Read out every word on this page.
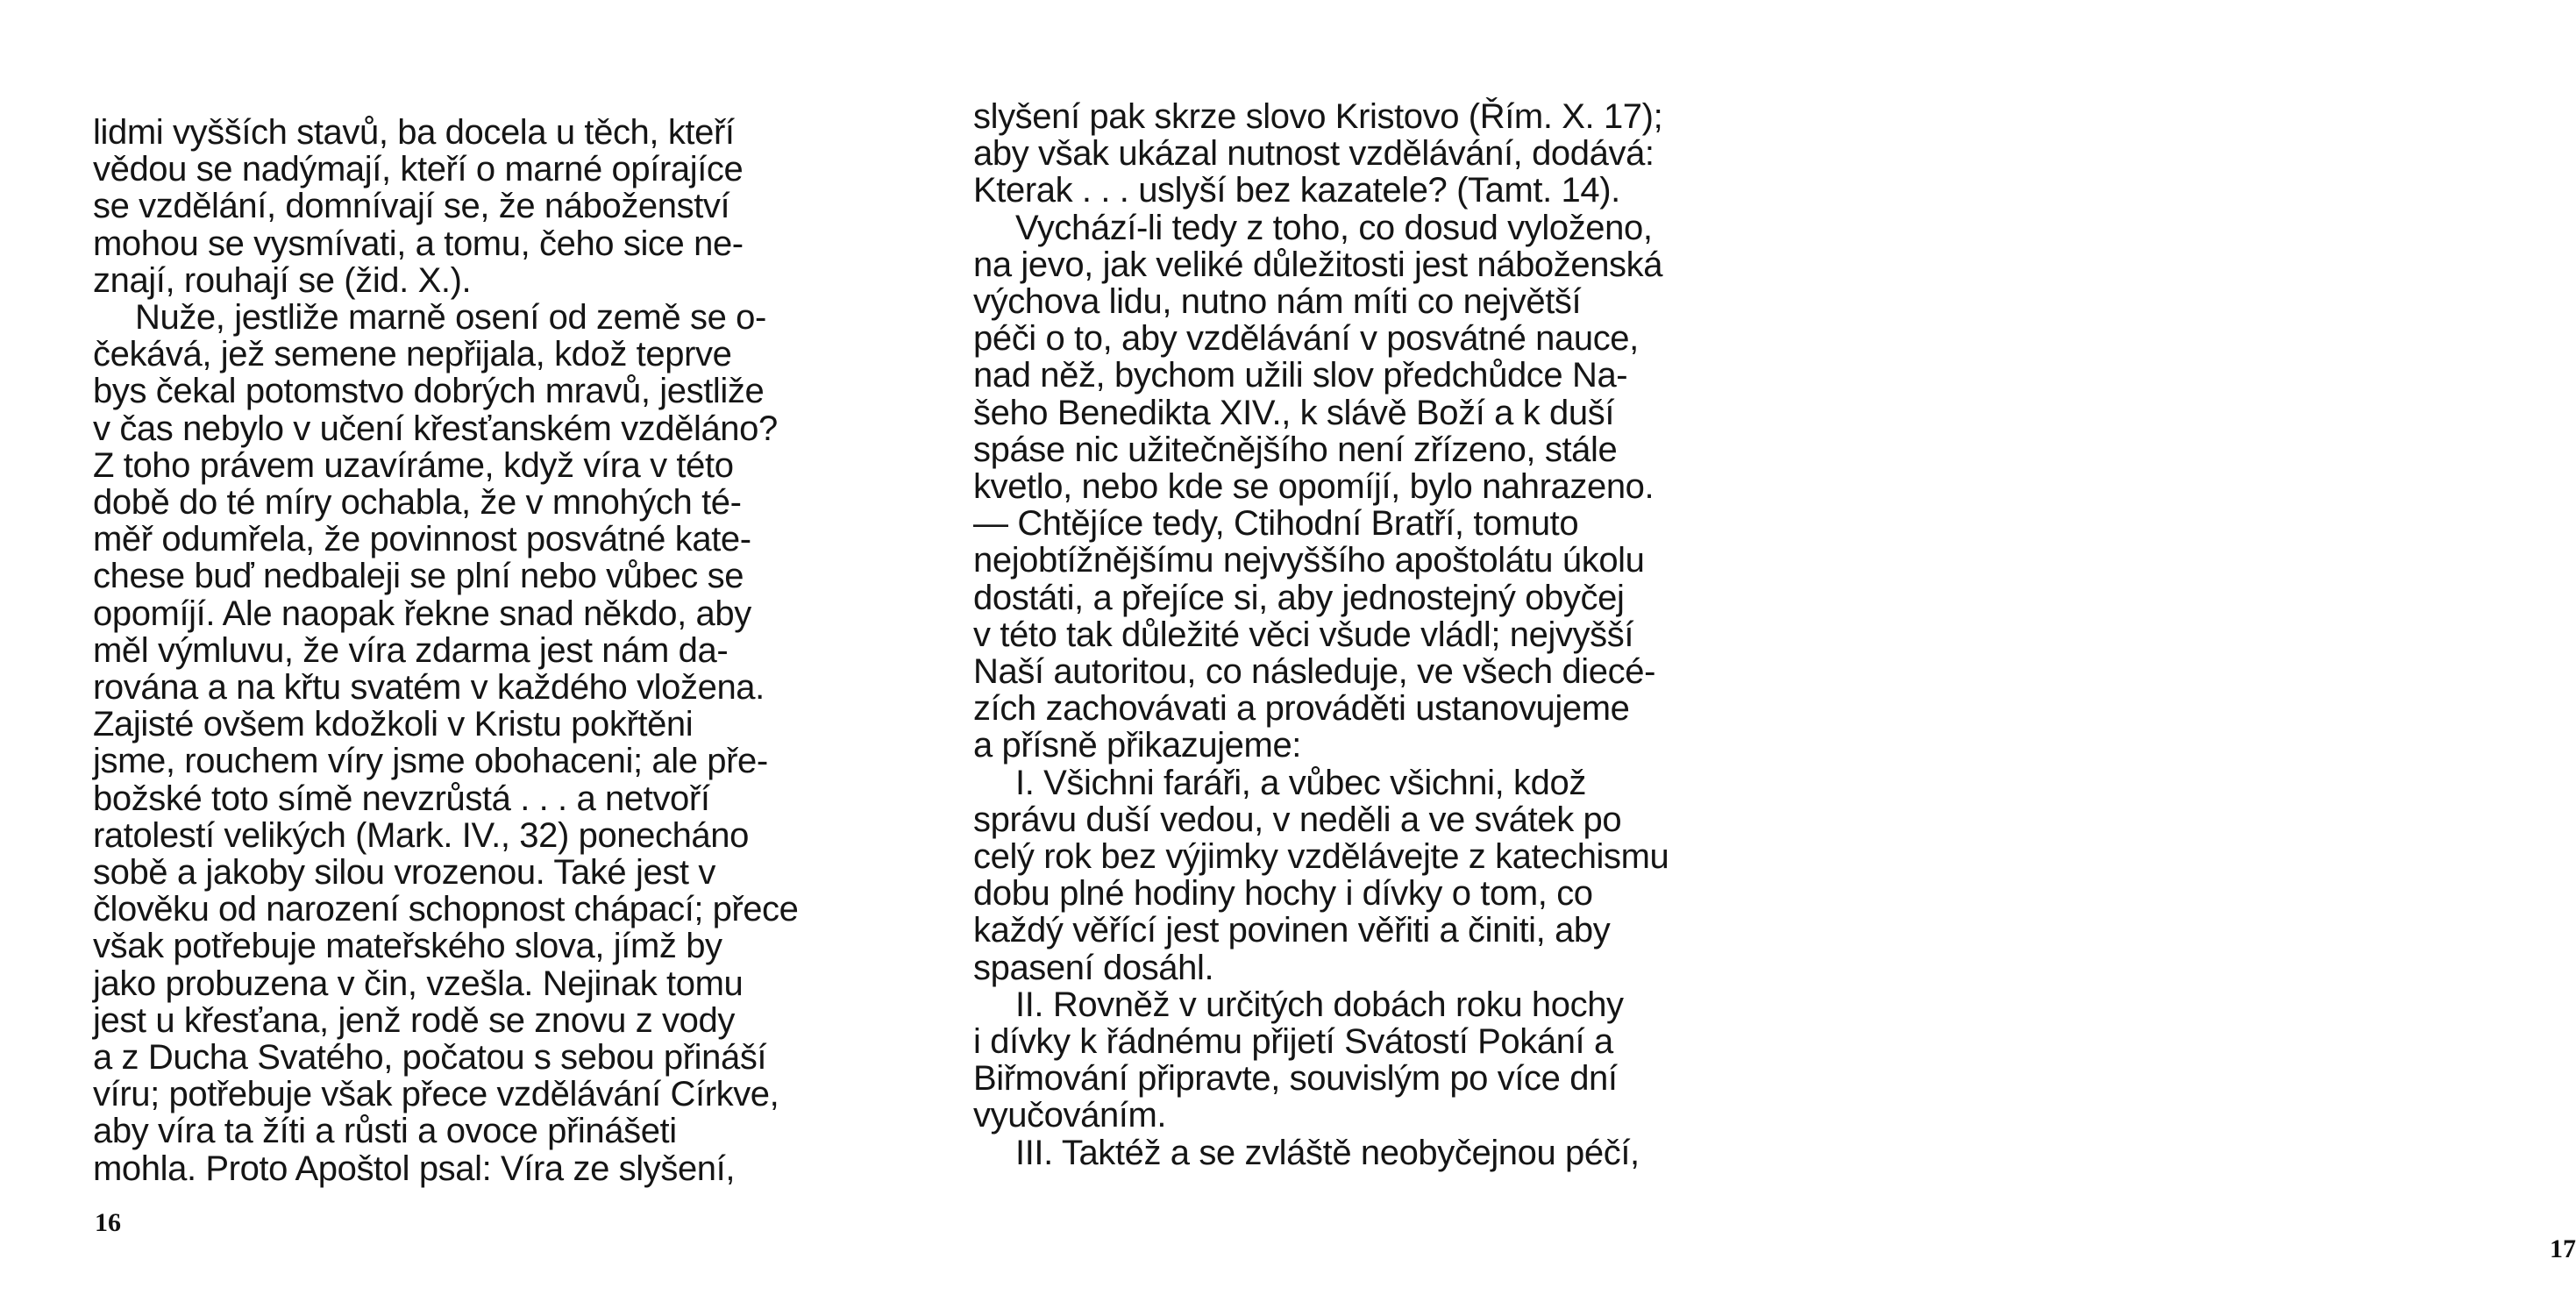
lidmi vyšších stavů, ba docela u těch, kteří
vědou se nadýmají, kteří o marné opírajíce
se vzdělání, domnívají se, že náboženství
mohou se vysmívati, a tomu, čeho sice ne-
znají, rouhají se (žid. X.).
Nuže, jestliže marně osení od země se o-
čekává, jež semene nepřijala, kdož teprve
bys čekal potomstvo dobrých mravů, jestliže
v čas nebylo v učení křesťanském vzděláno?
Z toho právem uzavíráme, když víra v této
době do té míry ochabla, že v mnohých té-
měř odumřela, že povinnost posvátné kate-
chese buď nedbaleji se plní nebo vůbec se
opomíjí. Ale naopak řekne snad někdo, aby
měl výmluvu, že víra zdarma jest nám da-
rována a na křtu svatém v každého vložena.
Zajisté ovšem kdožkoli v Kristu pokřtěni
jsme, rouchem víry jsme obohaceni; ale pře-
božské toto símě nevzrůstá . . . a netvoří
ratolestí velikých (Mark. IV., 32) ponecháno
sobě a jakoby silou vrozenou. Také jest v
člověku od narození schopnost chápací; přece
však potřebuje mateřského slova, jímž by
jako probuzena v čin, vzešla. Nejinak tomu
jest u křesťana, jenž rodě se znovu z vody
a z Ducha Svatého, počatou s sebou přináší
víru; potřebuje však přece vzdělávání Církve,
aby víra ta žíti a růsti a ovoce přinášeti
mohla. Proto Apoštol psal: Víra ze slyšení,
16
slyšení pak skrze slovo Kristovo (Řím. X. 17);
aby však ukázal nutnost vzdělávání, dodává:
Kterak . . . uslyší bez kazatele? (Tamt. 14).
Vychází-li tedy z toho, co dosud vyloženo,
na jevo, jak veliké důležitosti jest náboženská
výchova lidu, nutno nám míti co největší
péči o to, aby vzdělávání v posvátné nauce,
nad něž, bychom užili slov předchůdce Na-
šeho Benedikta XIV., k slávě Boží a k duší
spáse nic užitečnějšího není zřízeno, stále
kvetlo, nebo kde se opomíjí, bylo nahrazeno.
— Chtějíce tedy, Ctihodní Bratří, tomuto
nejobtížnějšímu nejvyššího apoštolátu úkolu
dostáti, a přejíce si, aby jednostejný obyčej
v této tak důležité věci všude vládl; nejvyšší
Naší autoritou, co následuje, ve všech diecé-
zích zachovávati a prováděti ustanovujeme
a přísně přikazujeme:
I. Všichni faráři, a vůbec všichni, kdož
správu duší vedou, v neděli a ve svátek po
celý rok bez výjimky vzdělávejte z katechismu
dobu plné hodiny hochy i dívky o tom, co
každý věřící jest povinen věřiti a činiti, aby
spasení dosáhl.
II. Rovněž v určitých dobách roku hochy
i dívky k řádnému přijetí Svátostí Pokání a
Biřmování připravte, souvislým po více dní
vyučováním.
III. Taktéž a se zvláště neobyčejnou péčí,
17
